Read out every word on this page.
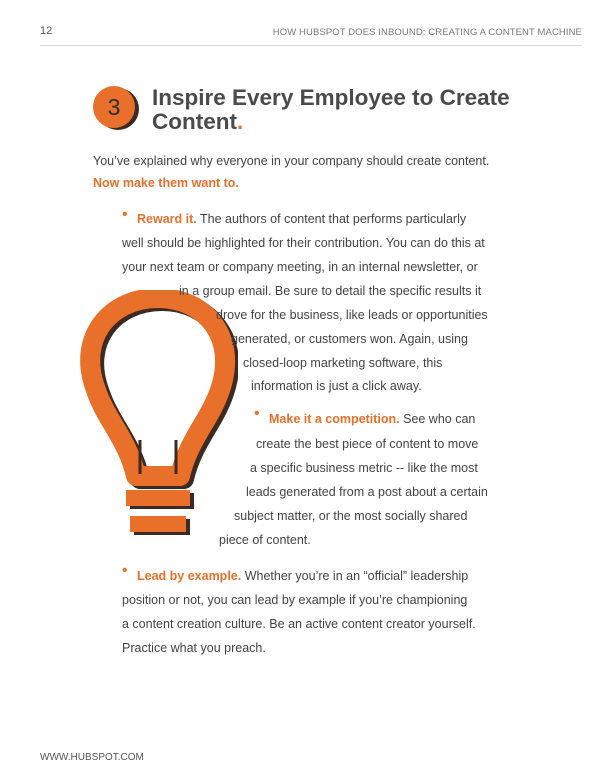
12	HOW HUBSPOT DOES INBOUND: CREATING A CONTENT MACHINE
3	Inspire Every Employee to Create
Content.
You’ve explained why everyone in your company should create content.
Now make them want to.
• Reward it. The authors of content that performs particularly
well should be highlighted for their contribution. You can do this at
your next team or company meeting, in an internal newsletter, or
in a group email. Be sure to detail the specific results it
drove for the business, like leads or opportunities
generated, or customers won. Again, using
closed-loop marketing software, this
information is just a click away.
• Make it a competition. See who can
create the best piece of content to move
a specific business metric -- like the most
leads generated from a post about a certain
subject matter, or the most socially shared
piece of content.
• Lead by example. Whether you’re in an “official” leadership
position or not, you can lead by example if you’re championing
a content creation culture. Be an active content creator yourself.
Practice what you preach.
WWW.HUBSPOT.COM
